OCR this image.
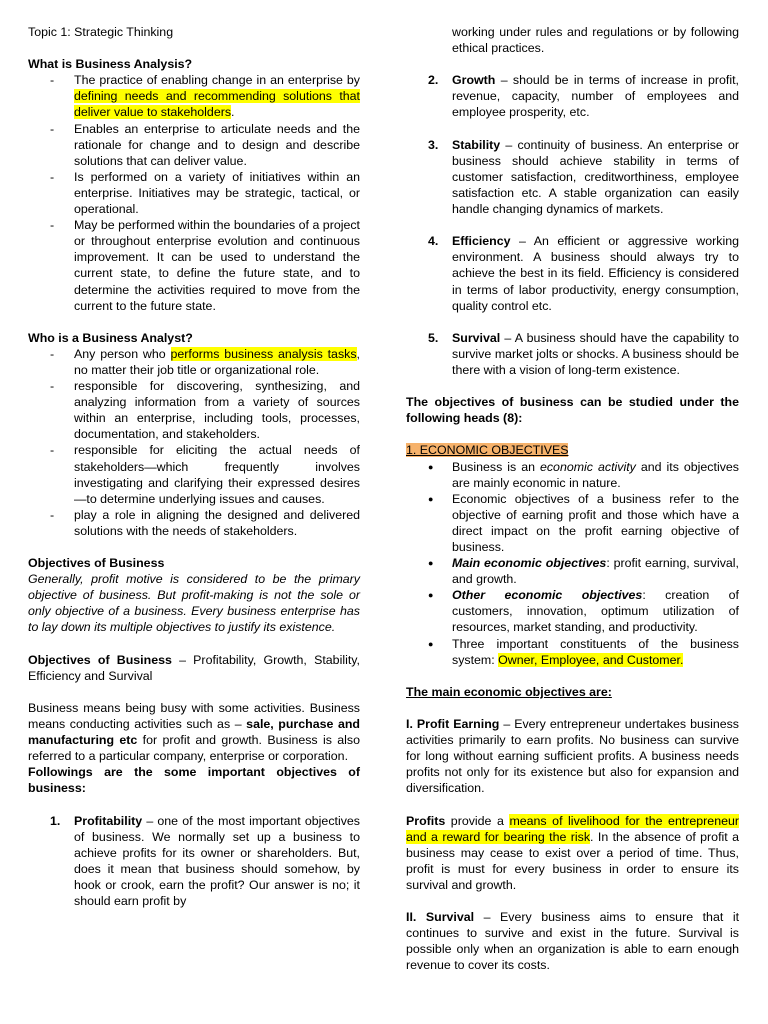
Topic 1: Strategic Thinking

What is Business Analysis?

- The practice of enabling change in an enterprise by defining needs and recommending solutions that deliver value to stakeholders.
- Enables an enterprise to articulate needs and the rationale for change and to design and describe solutions that can deliver value.
- Is performed on a variety of initiatives within an enterprise. Initiatives may be strategic, tactical, or operational.
- May be performed within the boundaries of a project or throughout enterprise evolution and continuous improvement. It can be used to understand the current state, to define the future state, and to determine the activities required to move from the current to the future state.

Who is a Business Analyst?

- Any person who performs business analysis tasks, no matter their job title or organizational role.
- responsible for discovering, synthesizing, and analyzing information from a variety of sources within an enterprise, including tools, processes, documentation, and stakeholders.
- responsible for eliciting the actual needs of stakeholders—which frequently involves investigating and clarifying their expressed desires—to determine underlying issues and causes.
- play a role in aligning the designed and delivered solutions with the needs of stakeholders.

Objectives of Business

Generally, profit motive is considered to be the primary objective of business. But profit-making is not the sole or only objective of a business. Every business enterprise has to lay down its multiple objectives to justify its existence.

Objectives of Business – Profitability, Growth, Stability, Efficiency and Survival

Business means being busy with some activities. Business means conducting activities such as – sale, purchase and manufacturing etc for profit and growth. Business is also referred to a particular company, enterprise or corporation.

Followings are the some important objectives of business:

1. Profitability – one of the most important objectives of business. We normally set up a business to achieve profits for its owner or shareholders. But, does it mean that business should somehow, by hook or crook, earn the profit? Our answer is no; it should earn profit by
working under rules and regulations or by following ethical practices.
2. Growth – should be in terms of increase in profit, revenue, capacity, number of employees and employee prosperity, etc.
3. Stability – continuity of business. An enterprise or business should achieve stability in terms of customer satisfaction, creditworthiness, employee satisfaction etc. A stable organization can easily handle changing dynamics of markets.
4. Efficiency – An efficient or aggressive working environment. A business should always try to achieve the best in its field. Efficiency is considered in terms of labor productivity, energy consumption, quality control etc.
5. Survival – A business should have the capability to survive market jolts or shocks. A business should be there with a vision of long-term existence.

The objectives of business can be studied under the following heads (8):

1. ECONOMIC OBJECTIVES

● Business is an economic activity and its objectives are mainly economic in nature.
● Economic objectives of a business refer to the objective of earning profit and those which have a direct impact on the profit earning objective of business.
● Main economic objectives: profit earning, survival, and growth.
● Other economic objectives: creation of customers, innovation, optimum utilization of resources, market standing, and productivity.
● Three important constituents of the business system: Owner, Employee, and Customer.

The main economic objectives are:

I. Profit Earning – Every entrepreneur undertakes business activities primarily to earn profits. No business can survive for long without earning sufficient profits. A business needs profits not only for its existence but also for expansion and diversification.

Profits provide a means of livelihood for the entrepreneur and a reward for bearing the risk. In the absence of profit a business may cease to exist over a period of time. Thus, profit is must for every business in order to ensure its survival and growth.

II. Survival – Every business aims to ensure that it continues to survive and exist in the future. Survival is possible only when an organization is able to earn enough revenue to cover its costs.
